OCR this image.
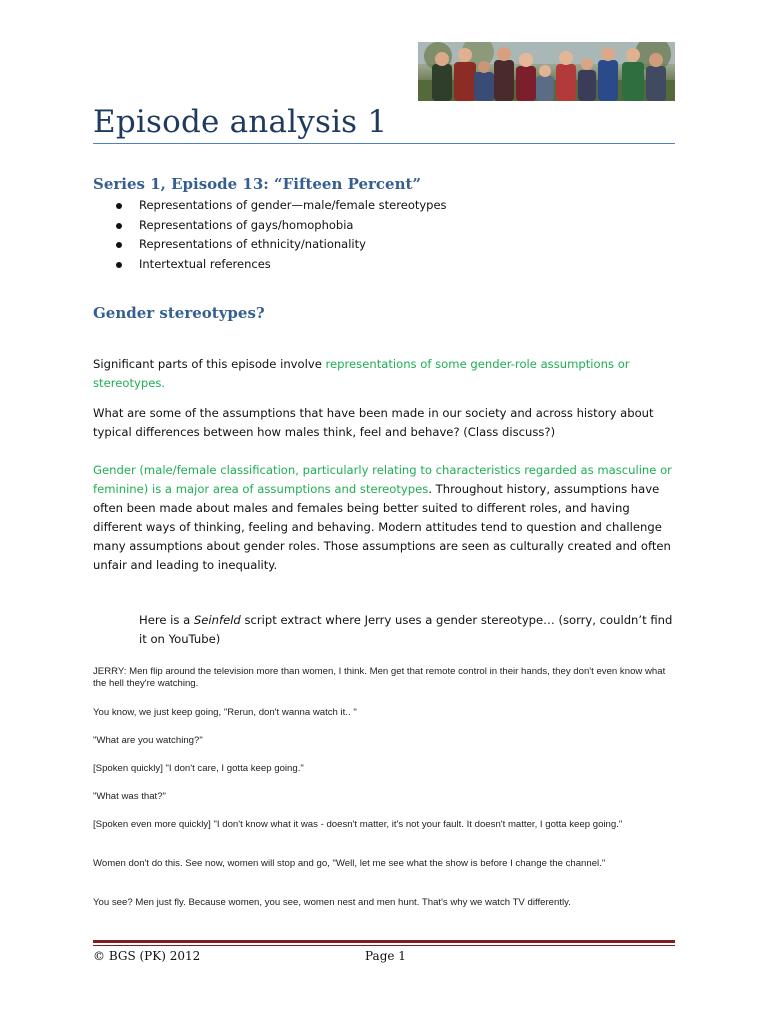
Episode analysis 1
Series 1, Episode 13: “Fifteen Percent”
Representations of gender—male/female stereotypes
Representations of gays/homophobia
Representations of ethnicity/nationality
Intertextual references
Gender stereotypes?

Significant parts of this episode involve representations of some gender-role assumptions or stereotypes.

What are some of the assumptions that have been made in our society and across history about typical differences between how males think, feel and behave? (Class discuss?)

Gender (male/female classification, particularly relating to characteristics regarded as masculine or feminine) is a major area of assumptions and stereotypes. Throughout history, assumptions have often been made about males and females being better suited to different roles, and having different ways of thinking, feeling and behaving. Modern attitudes tend to question and challenge many assumptions about gender roles. Those assumptions are seen as culturally created and often unfair and leading to inequality.

Here is a Seinfeld script extract where Jerry uses a gender stereotype… (sorry, couldn’t find it on YouTube)

JERRY: Men flip around the television more than women, I think. Men get that remote control in their hands, they don't even know what the hell they're watching.

You know, we just keep going, "Rerun, don't wanna watch it.. "

"What are you watching?"

[Spoken quickly] "I don't care, I gotta keep going."

"What was that?"

[Spoken even more quickly] "I don't know what it was - doesn't matter, it's not your fault. It doesn't matter, I gotta keep going."

Women don't do this. See now, women will stop and go, "Well, let me see what the show is before I change the channel."

You see? Men just fly. Because women, you see, women nest and men hunt. That's why we watch TV differently.

© BGS (PK) 2012	Page 1
